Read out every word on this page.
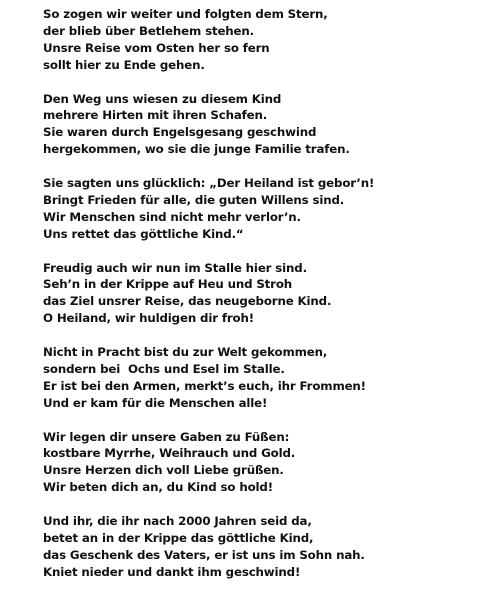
So zogen wir weiter und folgten dem Stern,
der blieb über Betlehem stehen.
Unsre Reise vom Osten her so fern
sollt hier zu Ende gehen.
Den Weg uns wiesen zu diesem Kind
mehrere Hirten mit ihren Schafen.
Sie waren durch Engelsgesang geschwind
hergekommen, wo sie die junge Familie trafen.
Sie sagten uns glücklich: „Der Heiland ist gebor’n!
Bringt Frieden für alle, die guten Willens sind.
Wir Menschen sind nicht mehr verlor’n.
Uns rettet das göttliche Kind.“
Freudig auch wir nun im Stalle hier sind.
Seh’n in der Krippe auf Heu und Stroh
das Ziel unsrer Reise, das neugeborne Kind.
O Heiland, wir huldigen dir froh!
Nicht in Pracht bist du zur Welt gekommen,
sondern bei  Ochs und Esel im Stalle.
Er ist bei den Armen, merkt’s euch, ihr Frommen!
Und er kam für die Menschen alle!
Wir legen dir unsere Gaben zu Füßen:
kostbare Myrrhe, Weihrauch und Gold.
Unsre Herzen dich voll Liebe grüßen.
Wir beten dich an, du Kind so hold!
Und ihr, die ihr nach 2000 Jahren seid da,
betet an in der Krippe das göttliche Kind,
das Geschenk des Vaters, er ist uns im Sohn nah.
Kniet nieder und dankt ihm geschwind!
